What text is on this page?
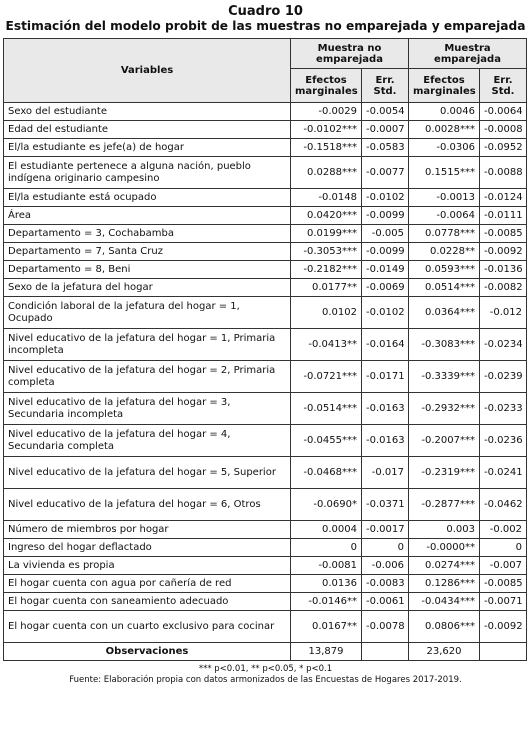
Cuadro 10
Estimación del modelo probit de las muestras no emparejada y emparejada
Variables	Muestra no emparejada		Muestra emparejada	
	Efectos marginales	Err. Std.	Efectos marginales	Err. Std.
Sexo del estudiante	-0.0029	-0.0054	0.0046	-0.0064
Edad del estudiante	-0.0102***	-0.0007	0.0028***	-0.0008
El/la estudiante es jefe(a) de hogar	-0.1518***	-0.0583	-0.0306	-0.0952
El estudiante pertenece a alguna nación, pueblo indígena originario campesino	0.0288***	-0.0077	0.1515***	-0.0088
El/la estudiante está ocupado	-0.0148	-0.0102	-0.0013	-0.0124
Área	0.0420***	-0.0099	-0.0064	-0.0111
Departamento = 3, Cochabamba	0.0199***	-0.005	0.0778***	-0.0085
Departamento = 7, Santa Cruz	-0.3053***	-0.0099	0.0228**	-0.0092
Departamento = 8, Beni	-0.2182***	-0.0149	0.0593***	-0.0136
Sexo de la jefatura del hogar	0.0177**	-0.0069	0.0514***	-0.0082
Condición laboral de la jefatura del hogar = 1, Ocupado	0.0102	-0.0102	0.0364***	-0.012
Nivel educativo de la jefatura del hogar = 1, Primaria incompleta	-0.0413**	-0.0164	-0.3083***	-0.0234
Nivel educativo de la jefatura del hogar = 2, Primaria completa	-0.0721***	-0.0171	-0.3339***	-0.0239
Nivel educativo de la jefatura del hogar = 3, Secundaria incompleta	-0.0514***	-0.0163	-0.2932***	-0.0233
Nivel educativo de la jefatura del hogar = 4, Secundaria completa	-0.0455***	-0.0163	-0.2007***	-0.0236
Nivel educativo de la jefatura del hogar = 5, Superior	-0.0468***	-0.017	-0.2319***	-0.0241
Nivel educativo de la jefatura del hogar = 6, Otros	-0.0690*	-0.0371	-0.2877***	-0.0462
Número de miembros por hogar	0.0004	-0.0017	0.003	-0.002
Ingreso del hogar deflactado	0	0	-0.0000**	0
La vivienda es propia	-0.0081	-0.006	0.0274***	-0.007
El hogar cuenta con agua por cañería de red	0.0136	-0.0083	0.1286***	-0.0085
El hogar cuenta con saneamiento adecuado	-0.0146**	-0.0061	-0.0434***	-0.0071
El hogar cuenta con un cuarto exclusivo para cocinar	0.0167**	-0.0078	0.0806***	-0.0092
Observaciones	13,879		23,620	
*** p<0.01, ** p<0.05, * p<0.1
Fuente: Elaboración propia con datos armonizados de las Encuestas de Hogares 2017-2019.
